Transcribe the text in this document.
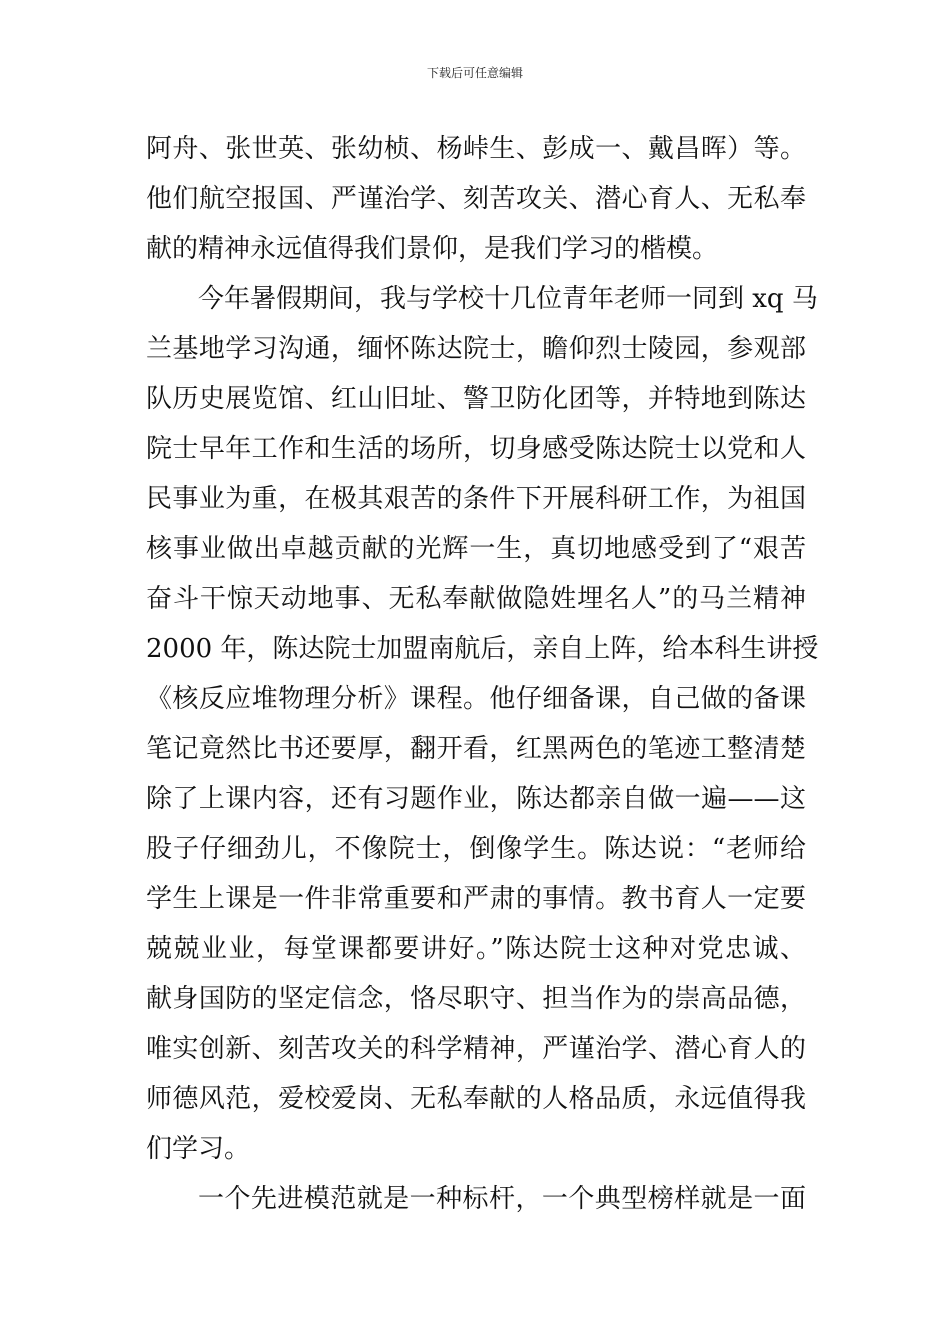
下载后可任意编辑
阿舟、张世英、张幼桢、杨峠生、彭成一、戴昌晖）等。
他们航空报国、严谨治学、刻苦攻关、潜心育人、无私奉
献的精神永远值得我们景仰，是我们学习的楷模。
今年暑假期间，我与学校十几位青年老师一同到 xq 马
兰基地学习沟通，缅怀陈达院士，瞻仰烈士陵园，参观部
队历史展览馆、红山旧址、警卫防化团等，并特地到陈达
院士早年工作和生活的场所，切身感受陈达院士以党和人
民事业为重，在极其艰苦的条件下开展科研工作，为祖国
核事业做出卓越贡献的光辉一生，真切地感受到了“艰苦
奋斗干惊天动地事、无私奉献做隐姓埋名人”的马兰精神
2000 年，陈达院士加盟南航后，亲自上阵，给本科生讲授
《核反应堆物理分析》课程。他仔细备课，自己做的备课
笔记竟然比书还要厚，翻开看，红黑两色的笔迹工整清楚
除了上课内容，还有习题作业，陈达都亲自做一遍——这
股子仔细劲儿，不像院士，倒像学生。陈达说：“老师给
学生上课是一件非常重要和严肃的事情。教书育人一定要
兢兢业业，每堂课都要讲好。”陈达院士这种对党忠诚、
献身国防的坚定信念，恪尽职守、担当作为的崇高品德，
唯实创新、刻苦攻关的科学精神，严谨治学、潜心育人的
师德风范，爱校爱岗、无私奉献的人格品质，永远值得我
们学习。
一个先进模范就是一种标杆，一个典型榜样就是一面
